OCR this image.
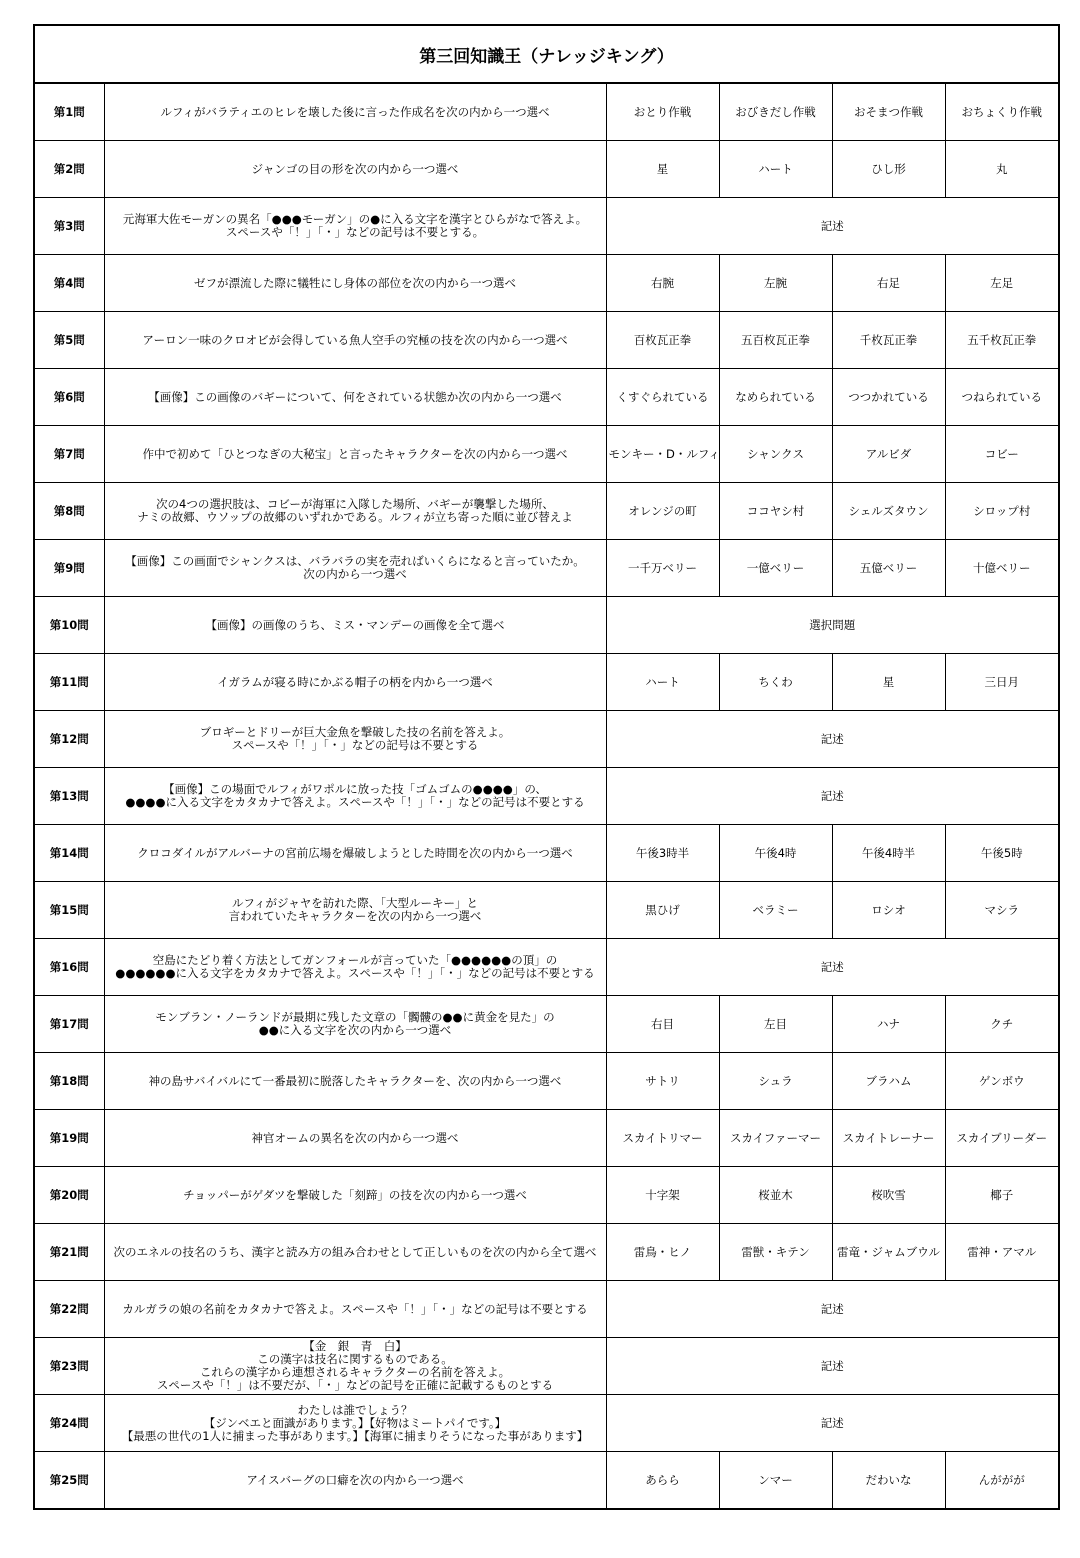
第三回知識王（ナレッジキング）					
第1問	ルフィがバラティエのヒレを壊した後に言った作成名を次の内から一つ選べ	おとり作戦	おびきだし作戦	おそまつ作戦	おちょくり作戦
第2問	ジャンゴの目の形を次の内から一つ選べ	星	ハート	ひし形	丸
第3問	元海軍大佐モーガンの異名「●●●モーガン」の●に入る文字を漢字とひらがなで答えよ。
スペースや「！」「・」などの記号は不要とする。	記述			
第4問	ゼフが漂流した際に犠牲にし身体の部位を次の内から一つ選べ	右腕	左腕	右足	左足
第5問	アーロン一味のクロオビが会得している魚人空手の究極の技を次の内から一つ選べ	百枚瓦正拳	五百枚瓦正拳	千枚瓦正拳	五千枚瓦正拳
第6問	【画像】この画像のバギーについて、何をされている状態か次の内から一つ選べ	くすぐられている	なめられている	つつかれている	つねられている
第7問	作中で初めて「ひとつなぎの大秘宝」と言ったキャラクターを次の内から一つ選べ	モンキー・D・ルフィ	シャンクス	アルビダ	コビー
第8問	次の4つの選択肢は、コビーが海軍に入隊した場所、バギーが襲撃した場所、
ナミの故郷、ウソップの故郷のいずれかである。ルフィが立ち寄った順に並び替えよ	オレンジの町	ココヤシ村	シェルズタウン	シロップ村
第9問	【画像】この画面でシャンクスは、バラバラの実を売ればいくらになると言っていたか。
次の内から一つ選べ	一千万ベリー	一億ベリー	五億ベリー	十億ベリー
第10問	【画像】の画像のうち、ミス・マンデーの画像を全て選べ	選択問題			
第11問	イガラムが寝る時にかぶる帽子の柄を内から一つ選べ	ハート	ちくわ	星	三日月
第12問	ブロギーとドリーが巨大金魚を撃破した技の名前を答えよ。
スペースや「！」「・」などの記号は不要とする	記述			
第13問	【画像】この場面でルフィがワポルに放った技「ゴムゴムの●●●●」の、
●●●●に入る文字をカタカナで答えよ。スペースや「！」「・」などの記号は不要とする	記述			
第14問	クロコダイルがアルバーナの宮前広場を爆破しようとした時間を次の内から一つ選べ	午後3時半	午後4時	午後4時半	午後5時
第15問	ルフィがジャヤを訪れた際、「大型ルーキー」と
言われていたキャラクターを次の内から一つ選べ	黒ひげ	ベラミー	ロシオ	マシラ
第16問	空島にたどり着く方法としてガンフォールが言っていた「●●●●●●の頂」の
●●●●●●に入る文字をカタカナで答えよ。スペースや「！」「・」などの記号は不要とする	記述			
第17問	モンブラン・ノーランドが最期に残した文章の「髑髏の●●に黄金を見た」の
●●に入る文字を次の内から一つ選べ	右目	左目	ハナ	クチ
第18問	神の島サバイバルにて一番最初に脱落したキャラクターを、次の内から一つ選べ	サトリ	シュラ	ブラハム	ゲンボウ
第19問	神官オームの異名を次の内から一つ選べ	スカイトリマー	スカイファーマー	スカイトレーナー	スカイブリーダー
第20問	チョッパーがゲダツを撃破した「刻蹄」の技を次の内から一つ選べ	十字架	桜並木	桜吹雪	椰子
第21問	次のエネルの技名のうち、漢字と読み方の組み合わせとして正しいものを次の内から全て選べ	雷鳥・ヒノ	雷獣・キテン	雷竜・ジャムブウル	雷神・アマル
第22問	カルガラの娘の名前をカタカナで答えよ。スペースや「！」「・」などの記号は不要とする	記述			
第23問	【金　銀　青　白】
この漢字は技名に関するものである。
これらの漢字から連想されるキャラクターの名前を答えよ。
スペースや「！」は不要だが、「・」などの記号を正確に記載するものとする	記述			
第24問	わたしは誰でしょう？
【ジンベエと面識があります。】【好物はミートパイです。】
【最悪の世代の1人に捕まった事があります。】【海軍に捕まりそうになった事があります】	記述			
第25問	アイスバーグの口癖を次の内から一つ選べ	あらら	ンマー	だわいな	んががが
